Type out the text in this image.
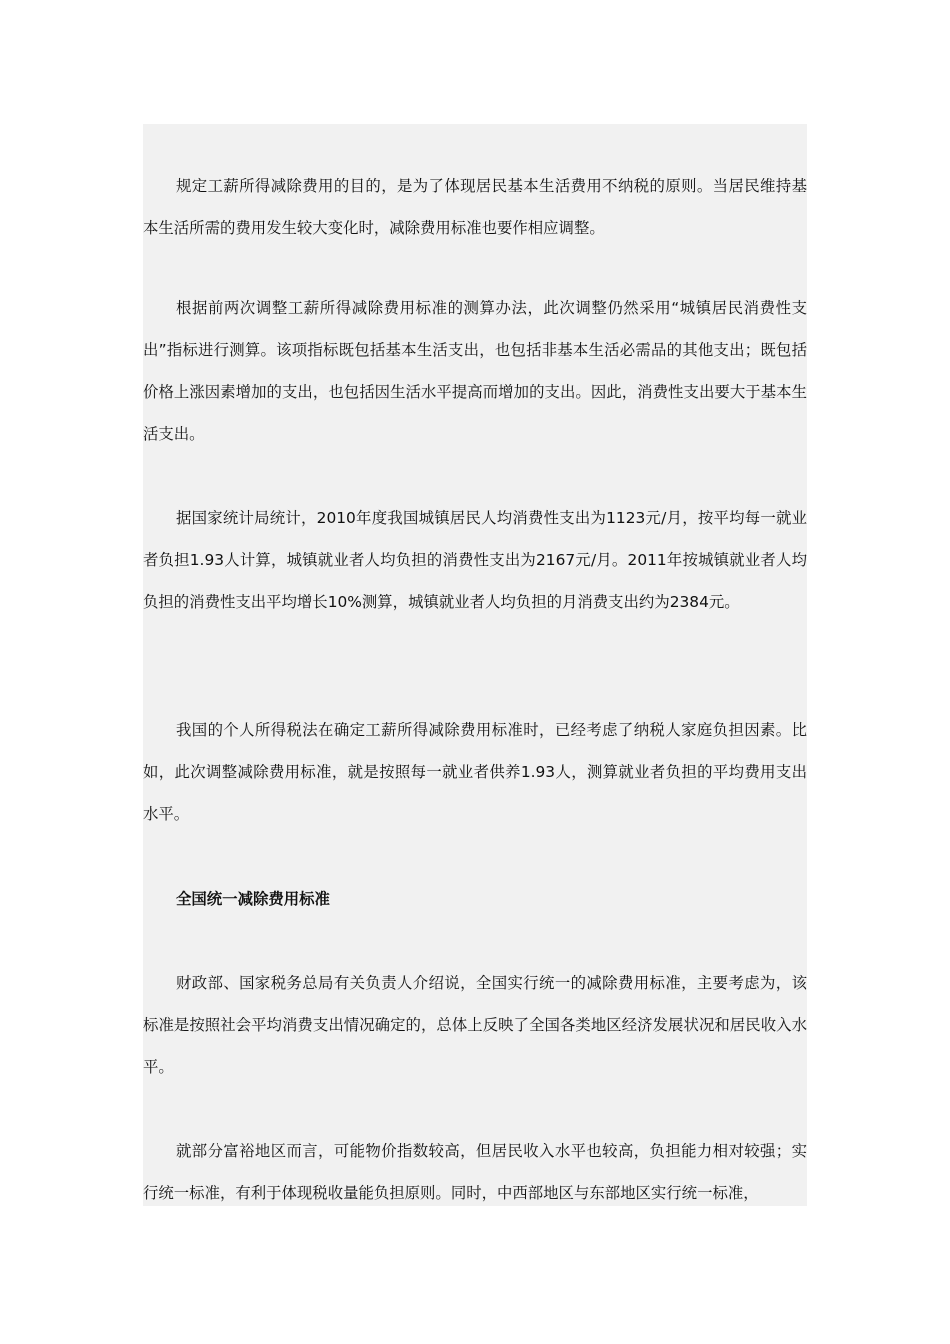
规定工薪所得减除费用的目的，是为了体现居民基本生活费用不纳税的原则。当居民维持基本生活所需的费用发生较大变化时，减除费用标准也要作相应调整。

根据前两次调整工薪所得减除费用标准的测算办法，此次调整仍然采用“城镇居民消费性支出”指标进行测算。该项指标既包括基本生活支出，也包括非基本生活必需品的其他支出；既包括价格上涨因素增加的支出，也包括因生活水平提高而增加的支出。因此，消费性支出要大于基本生活支出。

据国家统计局统计，2010年度我国城镇居民人均消费性支出为1123元/月，按平均每一就业者负担1.93人计算，城镇就业者人均负担的消费性支出为2167元/月。2011年按城镇就业者人均负担的消费性支出平均增长10%测算，城镇就业者人均负担的月消费支出约为2384元。

我国的个人所得税法在确定工薪所得减除费用标准时，已经考虑了纳税人家庭负担因素。比如，此次调整减除费用标准，就是按照每一就业者供养1.93人，测算就业者负担的平均费用支出水平。

全国统一减除费用标准

财政部、国家税务总局有关负责人介绍说，全国实行统一的减除费用标准，主要考虑为，该标准是按照社会平均消费支出情况确定的，总体上反映了全国各类地区经济发展状况和居民收入水平。

就部分富裕地区而言，可能物价指数较高，但居民收入水平也较高，负担能力相对较强；实行统一标准，有利于体现税收量能负担原则。同时，中西部地区与东部地区实行统一标准，
